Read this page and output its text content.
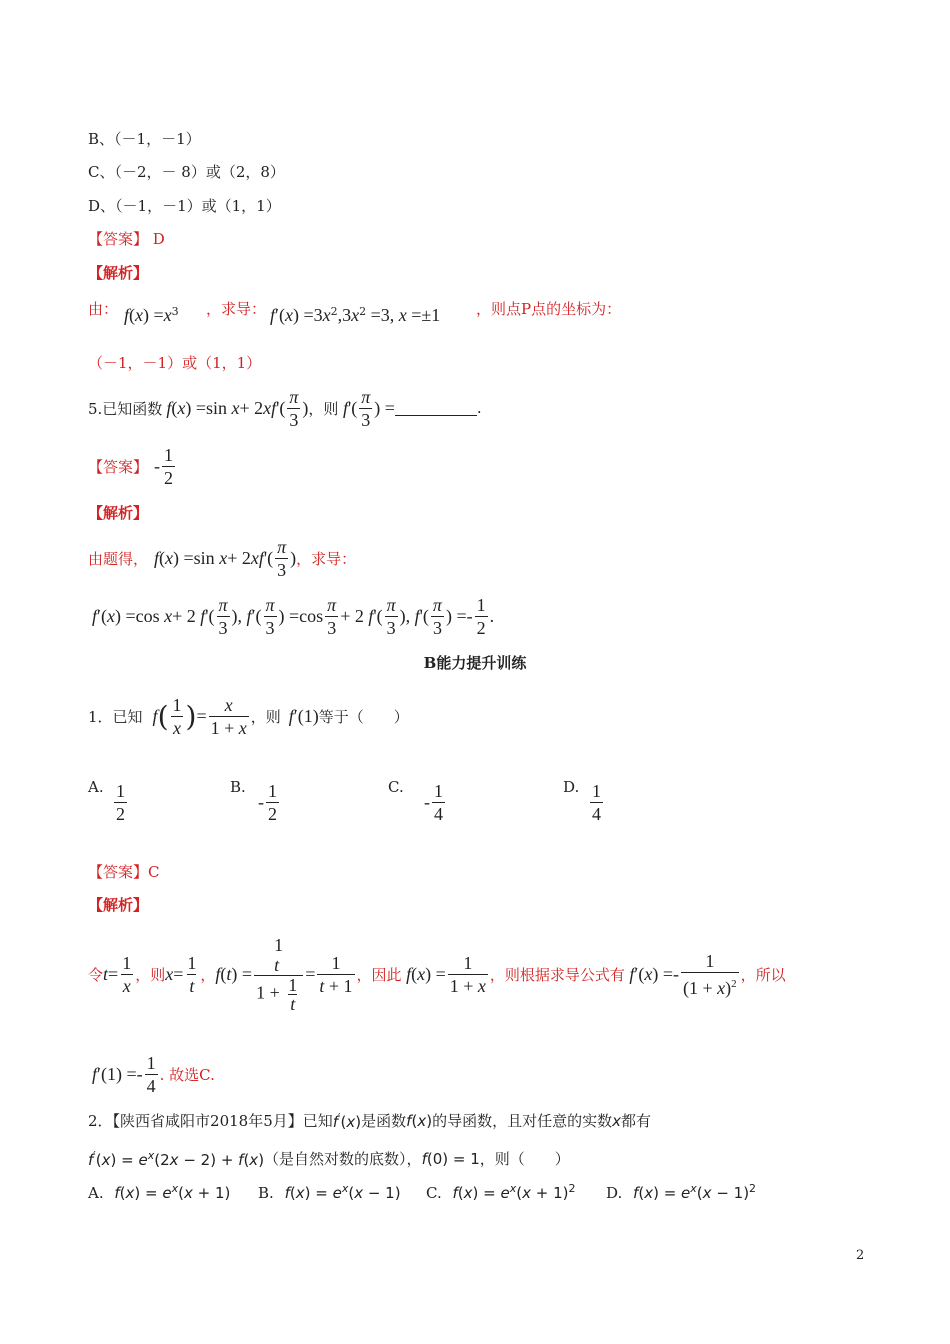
B、（－1，－1）
C、（－2，－ 8）或（2，8）
D、（－1，－1）或（1，1）
【答案】 D
【解析】
由： $f(x) =x^3$ ，求导： $f'(x) =3x^2,3x^2 =3$, x =±1 ，则点P点的坐标为：
（－1，－1）或（1，1）
5.已知函数 f ( x ) =sin x + 2 xf '( $\frac{\pi}{3}$ ) ，则 f '( $\frac{\pi}{3}$ ) =	.
【答案】 - $\frac{1}{2}$
【解析】
由题得， f ( x ) =sin x + 2 xf '( $\frac{\pi}{3}$ ) ，求导：
f ′( x ) =cos x + 2 f '( $\frac{\pi}{3}$ ), f ′( $\frac{\pi}{3}$ ) $=\cos \frac{\pi}{3} + 2$ f '( $\frac{\pi}{3}$ ), f '( $\frac{\pi}{3}$ ) =- $\frac{1}{2}$ .
B能力提升训练
1．已知 f ( $\frac{1}{x}$ ) = $\frac{x}{1 + x}$ ，则 f ′(1) 等于（　　）
A. $\frac{1}{2}$	B.
- $\frac{1}{2}$	C.
- $\frac{1}{4}$	D. $\frac{1}{4}$
【答案】C
【解析】
令 $t = \frac{1}{x}$ ，则 $x = \frac{1}{t}$ ， f ( t ) =
1
t
$1 + \frac{1}{t}$
= $\frac{1}{t + 1}$ ，因此 f ( x ) = $\frac{1}{1 + x}$ ，则根据求导公式有 f ′( x ) =- $\frac{1}{(1 + x)^2}$ ，所以
f $'(1) =- \frac{1}{4}$ . 故选C.
2．【陕西省咸阳市2018年5月】已知 f′(x) 是函数 f(x) 的导函数，且对任意的实数 x 都有
$f'(x) = e^x(2x - 2) + f(x)$ （是自然对数的底数）， f(0) = 1 ，则（　　）
A. $f(x) = e^x(x + 1)$ B. $f(x) = e^x(x - 1)$ C. $f(x) = e^x(x + 1)^2$ D. $f(x) = e^x(x - 1)^2$
2
